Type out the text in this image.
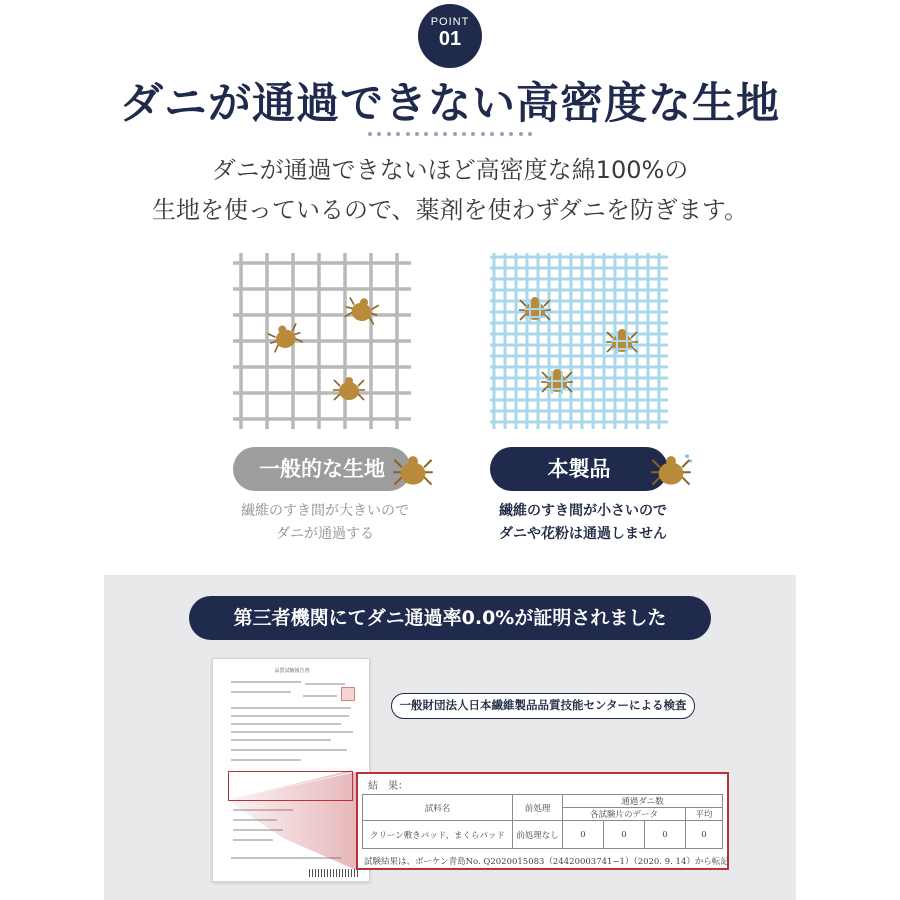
POINT
01
ダニが通過できない高密度な生地
ダニが通過できないほど高密度な綿100%の
生地を使っているので、薬剤を使わずダニを防ぎます。
一般的な生地	本製品
繊維のすき間が大きいので
ダニが通過する
繊維のすき間が小さいので
ダニや花粉は通過しません
第三者機関にてダニ通過率0.0%が証明されました
品質試験報告書
一般財団法人日本繊維製品品質技能センターによる検査
結　果：
試料名	前処理	通過ダニ数			
		各試験片のデータ			平均
クリーン敷きパッド、まくらパッド	前処理なし	0	0	0	0
試験結果は、ボーケン青島No. Q2020015083（24420003741−1）（2020. 9. 14）から転記
